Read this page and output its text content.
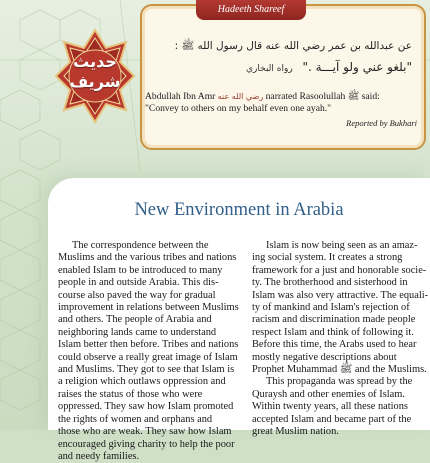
حديث
شريف
Hadeeth Shareef
عن عبدالله بن عمر رضي الله عنه قال رسول الله ﷺ :
"بلغو عني ولو آيـــة ." رواه البخاري
Abdullah Ibn Amr رضي الله عنه narrated Rasoolullah ﷺ said:
"Convey to others on my behalf even one ayah."
Reported by Bukhari
New Environment in Arabia
The correspondence between the
Muslims and the various tribes and nations
enabled Islam to be introduced to many
people in and outside Arabia. This dis-
course also paved the way for gradual
improvement in relations between Muslims
and others. The people of Arabia and
neighboring lands came to understand
Islam better then before. Tribes and nations
could observe a really great image of Islam
and Muslims. They got to see that Islam is
a religion which outlaws oppression and
raises the status of those who were
oppressed. They saw how Islam promoted
the rights of women and orphans and
those who are weak. They saw how Islam
encouraged giving charity to help the poor
and needy families.
Islam is now being seen as an amaz-
ing social system. It creates a strong
framework for a just and honorable socie-
ty. The brotherhood and sisterhood in
Islam was also very attractive. The equali-
ty of mankind and Islam's rejection of
racism and discrimination made people
respect Islam and think of following it.
Before this time, the Arabs used to hear
mostly negative descriptions about
Prophet Muhammad ﷺ and the Muslims.
This propaganda was spread by the
Quraysh and other enemies of Islam.
Within twenty years, all these nations
accepted Islam and became part of the
great Muslim nation.
